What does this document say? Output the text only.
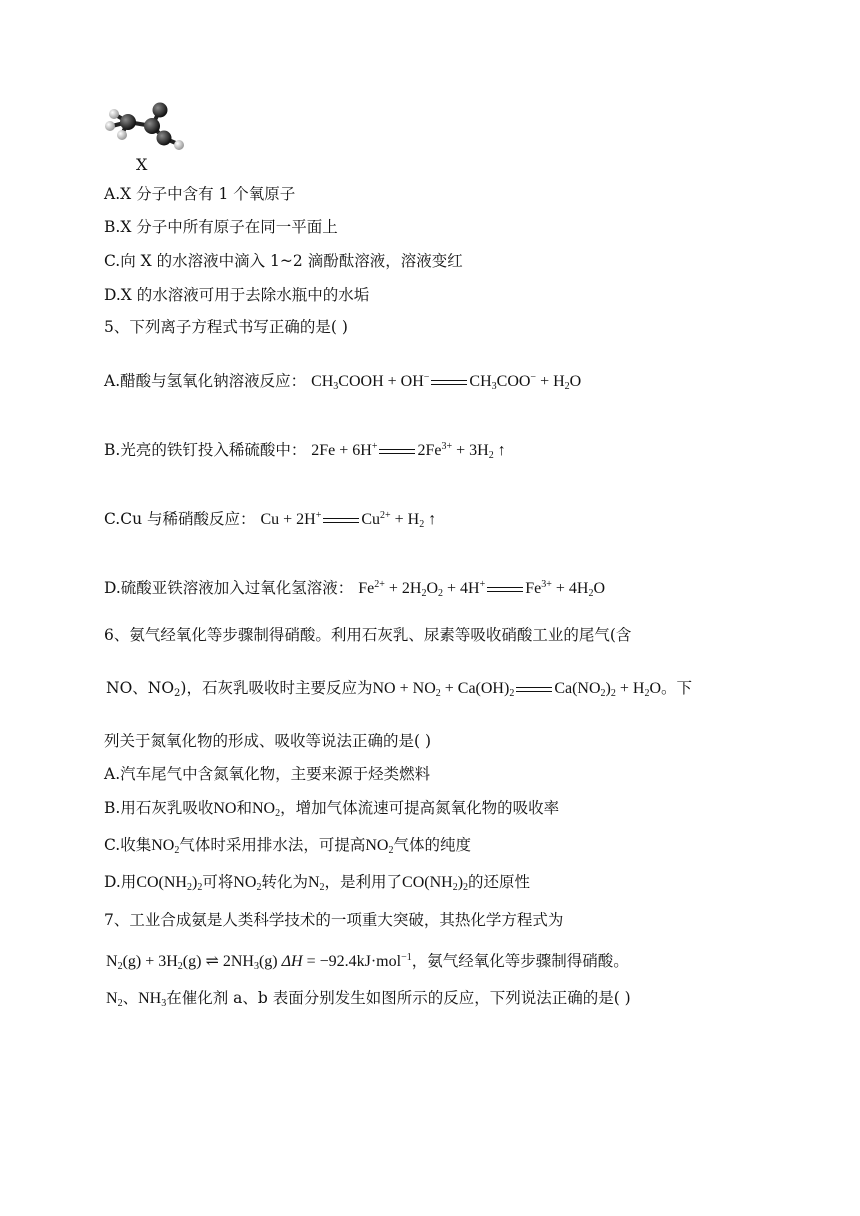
X
A.X 分子中含有 1 个氧原子
B.X 分子中所有原子在同一平面上
C.向 X 的水溶液中滴入 1~2 滴酚酞溶液，溶液变红
D.X 的水溶液可用于去除水瓶中的水垢
5、下列离子方程式书写正确的是( )
A.醋酸与氢氧化钠溶液反应： $CH_3COOH + OH^-$	$CH_3COO^- + H_2O$
B.光亮的铁钉投入稀硫酸中： 2Fe + 6H+	$2Fe^{3+} + 3H_2$ ↑
C.Cu 与稀硝酸反应： Cu + 2H+	$Cu^{2+} + H_2$ ↑
D.硫酸亚铁溶液加入过氧化氢溶液： $Fe^{2+} + 2H_2O_2 + 4H^+$	$Fe^{3+} + 4H_2O$
6、氨气经氧化等步骤制得硝酸。利用石灰乳、尿素等吸收硝酸工业的尾气(含
NO、$NO_2$)，石灰乳吸收时主要反应为NO + $NO_2 + Ca(OH)_2$	$Ca(NO_2)_2 + H_2O$。下
列关于氮氧化物的形成、吸收等说法正确的是( )
A.汽车尾气中含氮氧化物，主要来源于烃类燃料
B.用石灰乳吸收NO和$NO_2$，增加气体流速可提高氮氧化物的吸收率
C.收集$NO_2$气体时采用排水法，可提高$NO_2$气体的纯度
D.用$CO(NH_2)_2$可将$NO_2$转化为$N_2$，是利用了$CO(NH_2)_2$的还原性
7、工业合成氨是人类科学技术的一项重大突破，其热化学方程式为
$N_2(g) + 3H_2(g)$ ⇌ $2NH_3(g) \Delta H = -92.4kJ\cdot mol^{-1}$，氨气经氧化等步骤制得硝酸。
$N_2$、$NH_3$在催化剂 a、b 表面分别发生如图所示的反应，下列说法正确的是( )
